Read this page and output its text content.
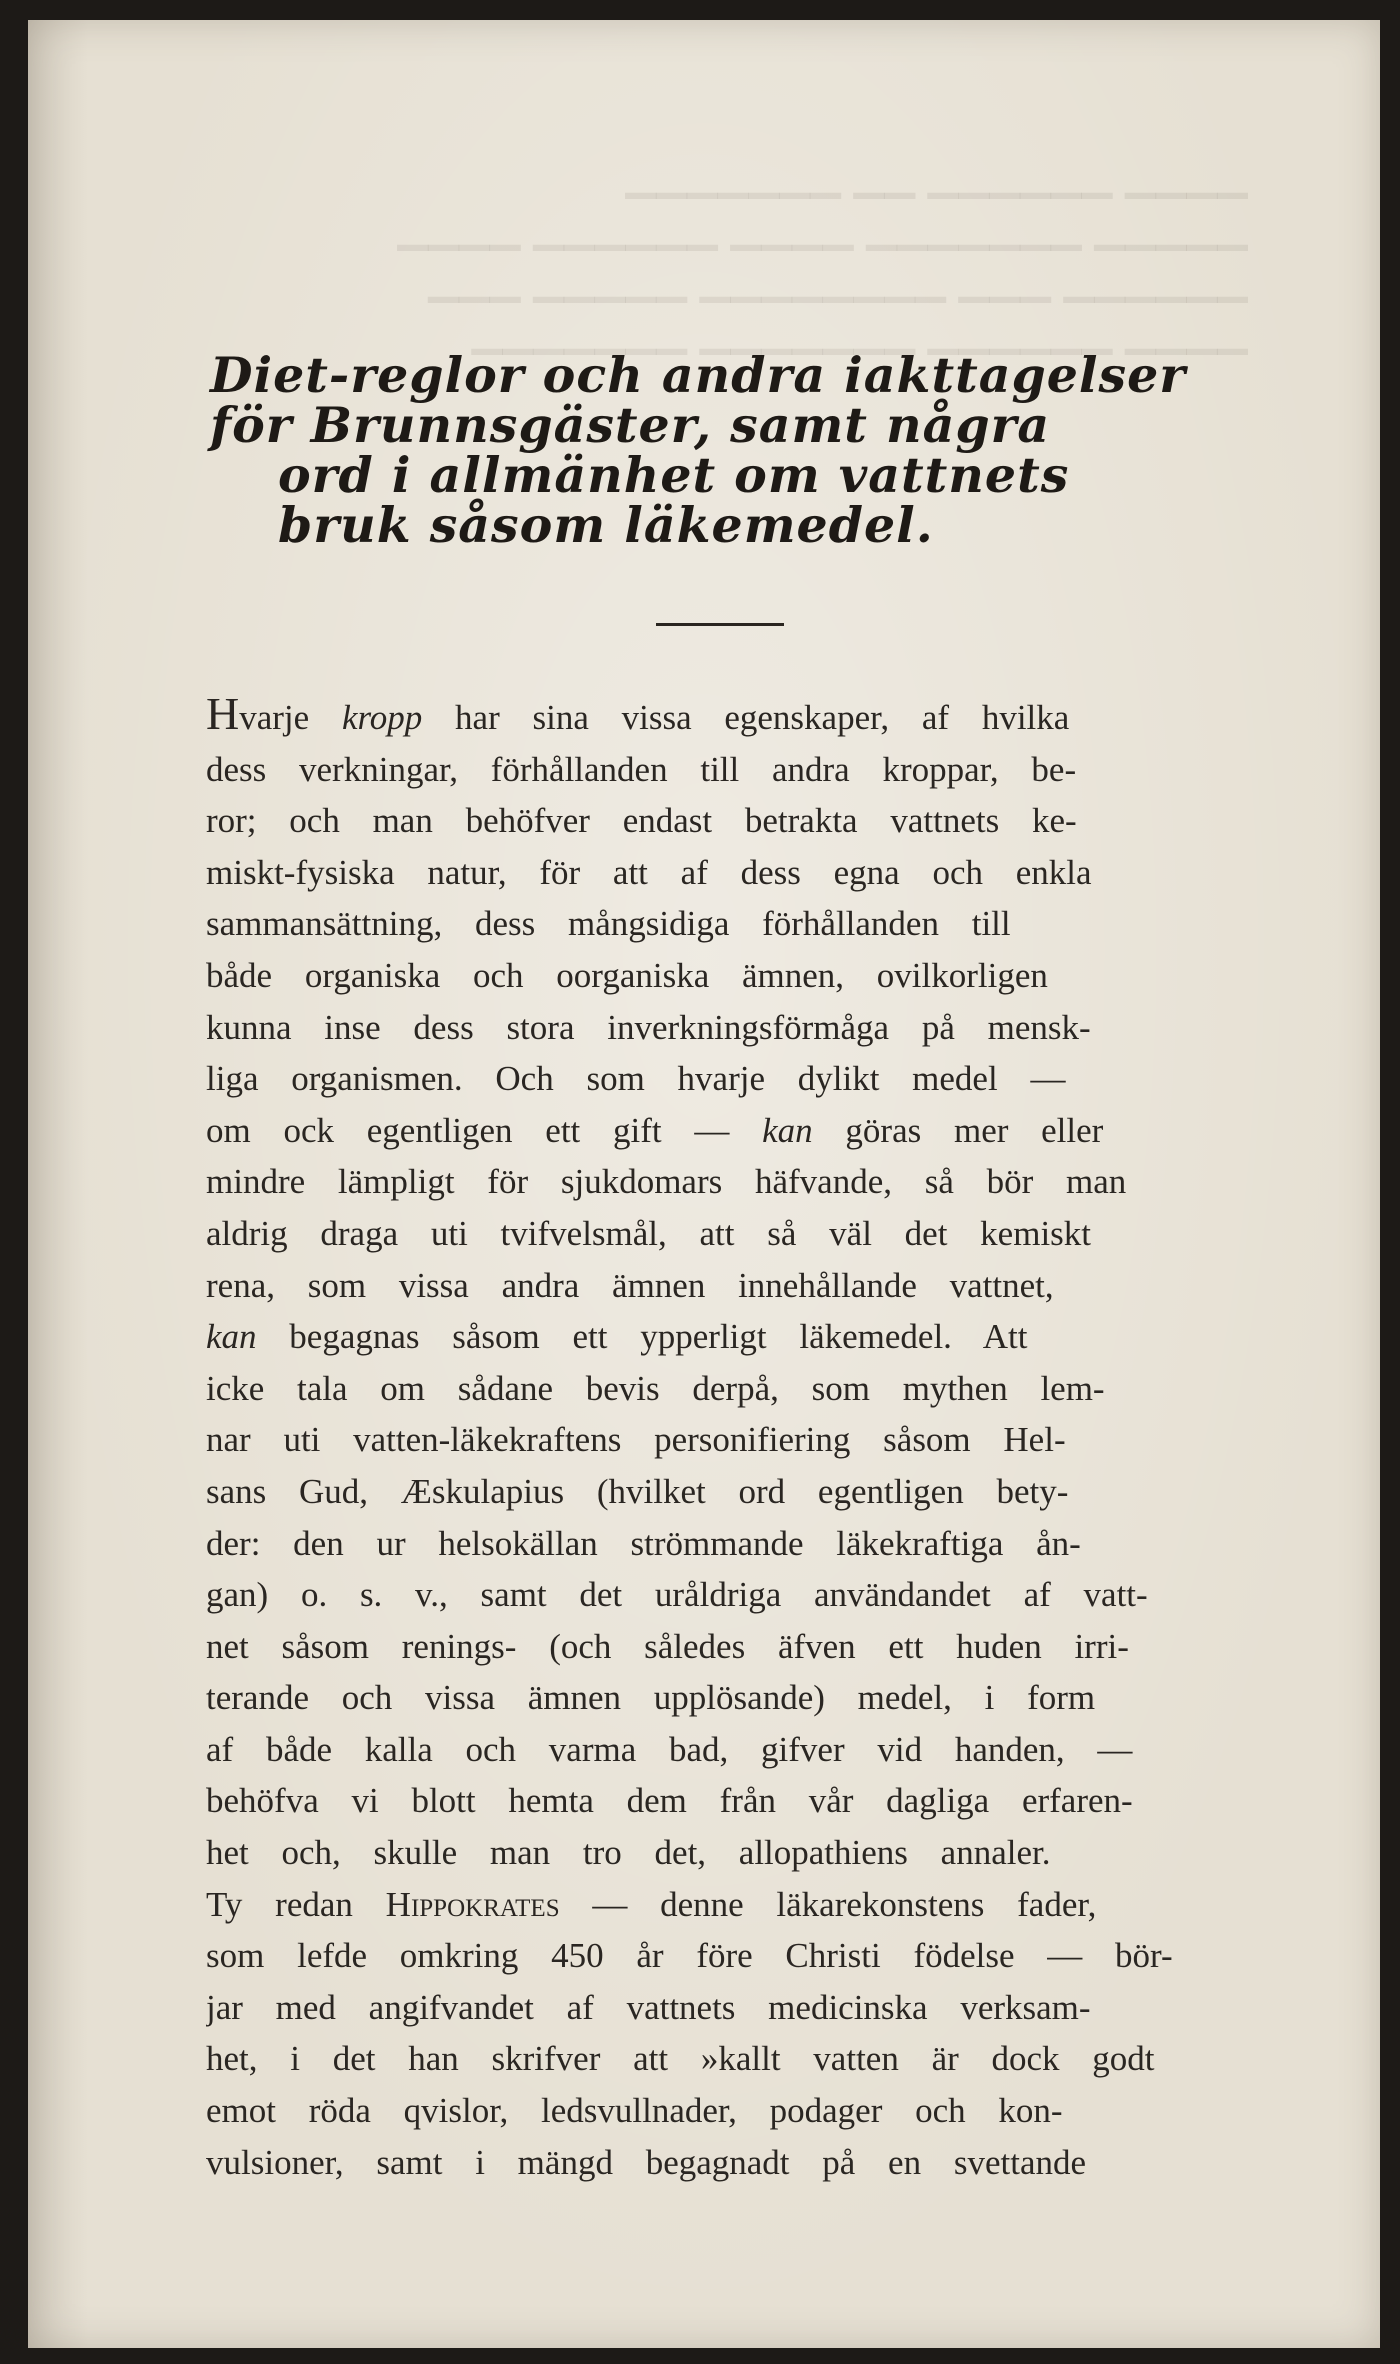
▁▁▁▁ ▁▁▁▁▁▁ ▁▁ ▁▁▁▁▁▁▁
▁▁▁▁▁ ▁▁▁▁▁▁▁ ▁▁▁▁ ▁▁▁▁▁▁ ▁▁▁▁
▁▁▁▁▁▁ ▁▁▁ ▁▁▁▁▁▁▁▁ ▁▁▁▁▁ ▁▁▁
▁▁▁▁ ▁▁▁▁▁▁ ▁▁▁▁▁▁▁ ▁▁▁▁▁▁▁
Diet-reglor och andra iakttagelser
för Brunnsgäster, samt några
ord i allmänhet om vattnets
bruk såsom läkemedel.
Hvarje kropp har sina vissa egenskaper, af hvilka
dess verkningar, förhållanden till andra kroppar, be-
ror; och man behöfver endast betrakta vattnets ke-
miskt-fysiska natur, för att af dess egna och enkla
sammansättning, dess mångsidiga förhållanden till
både organiska och oorganiska ämnen, ovilkorligen
kunna inse dess stora inverkningsförmåga på mensk-
liga organismen. Och som hvarje dylikt medel —
om ock egentligen ett gift — kan göras mer eller
mindre lämpligt för sjukdomars häfvande, så bör man
aldrig draga uti tvifvelsmål, att så väl det kemiskt
rena, som vissa andra ämnen innehållande vattnet,
kan begagnas såsom ett ypperligt läkemedel. Att
icke tala om sådane bevis derpå, som mythen lem-
nar uti vatten-läkekraftens personifiering såsom Hel-
sans Gud, Æskulapius (hvilket ord egentligen bety-
der: den ur helsokällan strömmande läkekraftiga ån-
gan) o. s. v., samt det uråldriga användandet af vatt-
net såsom renings- (och således äfven ett huden irri-
terande och vissa ämnen upplösande) medel, i form
af både kalla och varma bad, gifver vid handen, —
behöfva vi blott hemta dem från vår dagliga erfaren-
het och, skulle man tro det, allopathiens annaler.
Ty redan Hippokrates — denne läkarekonstens fader,
som lefde omkring 450 år före Christi födelse — bör-
jar med angifvandet af vattnets medicinska verksam-
het, i det han skrifver att »kallt vatten är dock godt
emot röda qvislor, ledsvullnader, podager och kon-
vulsioner, samt i mängd begagnadt på en svettande
